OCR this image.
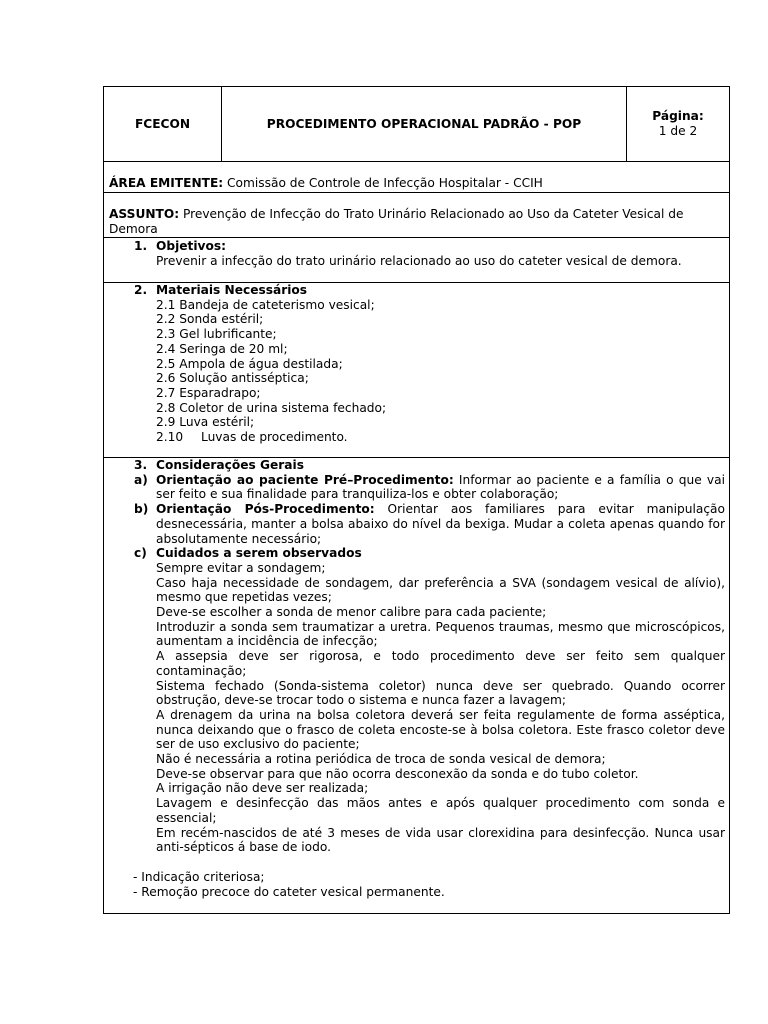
FCECON	PROCEDIMENTO OPERACIONAL PADRÃO - POP
Página:
1 de 2
ÁREA EMITENTE: Comissão de Controle de Infecção Hospitalar - CCIH
ASSUNTO: Prevenção de Infecção do Trato Urinário Relacionado ao Uso da Cateter Vesical de Demora
1. Objetivos:
Prevenir a infecção do trato urinário relacionado ao uso do cateter vesical de demora.
2. Materiais Necessários
2.1 Bandeja de cateterismo vesical;
2.2 Sonda estéril;
2.3 Gel lubrificante;
2.4 Seringa de 20 ml;
2.5 Ampola de água destilada;
2.6 Solução antisséptica;
2.7 Esparadrapo;
2.8 Coletor de urina sistema fechado;
2.9 Luva estéril;
2.10 Luvas de procedimento.
3. Considerações Gerais
a) Orientação ao paciente Pré–Procedimento: Informar ao paciente e a família o que vai ser feito e sua finalidade para tranquiliza-los e obter colaboração;
b) Orientação Pós-Procedimento: Orientar aos familiares para evitar manipulação desnecessária, manter a bolsa abaixo do nível da bexiga. Mudar a coleta apenas quando for absolutamente necessário;
c) Cuidados a serem observados
Sempre evitar a sondagem;
Caso haja necessidade de sondagem, dar preferência a SVA (sondagem vesical de alívio), mesmo que repetidas vezes;
Deve-se escolher a sonda de menor calibre para cada paciente;
Introduzir a sonda sem traumatizar a uretra. Pequenos traumas, mesmo que microscópicos, aumentam a incidência de infecção;
A assepsia deve ser rigorosa, e todo procedimento deve ser feito sem qualquer contaminação;
Sistema fechado (Sonda-sistema coletor) nunca deve ser quebrado. Quando ocorrer obstrução, deve-se trocar todo o sistema e nunca fazer a lavagem;
A drenagem da urina na bolsa coletora deverá ser feita regulamente de forma asséptica, nunca deixando que o frasco de coleta encoste-se à bolsa coletora. Este frasco coletor deve ser de uso exclusivo do paciente;
Não é necessária a rotina periódica de troca de sonda vesical de demora;
Deve-se observar para que não ocorra desconexão da sonda e do tubo coletor.
A irrigação não deve ser realizada;
Lavagem e desinfecção das mãos antes e após qualquer procedimento com sonda e essencial;
Em recém-nascidos de até 3 meses de vida usar clorexidina para desinfecção. Nunca usar anti-sépticos á base de iodo.
- Indicação criteriosa;
- Remoção precoce do cateter vesical permanente.
